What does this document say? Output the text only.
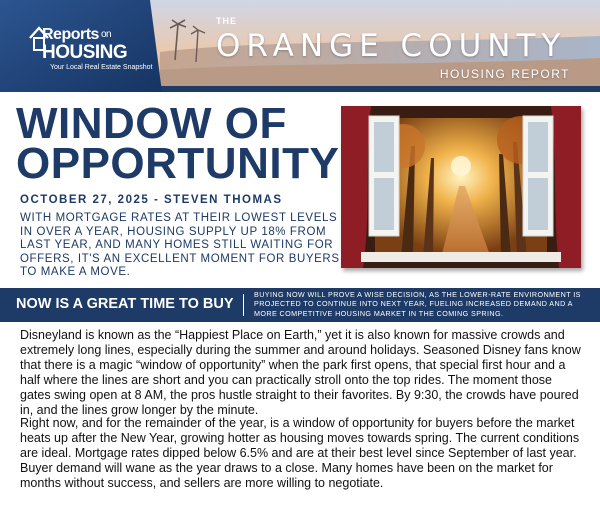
Reports on
HOUSING
Your Local Real Estate Snapshot
THE
ORANGE COUNTY
HOUSING REPORT
WINDOW OF
OPPORTUNITY
OCTOBER 27, 2025 - STEVEN THOMAS
WITH MORTGAGE RATES AT THEIR LOWEST LEVELS IN OVER A YEAR, HOUSING SUPPLY UP 18% FROM LAST YEAR, AND MANY HOMES STILL WAITING FOR OFFERS, IT'S AN EXCELLENT MOMENT FOR BUYERS TO MAKE A MOVE.
NOW IS A GREAT TIME TO BUY
BUYING NOW WILL PROVE A WISE DECISION, AS THE LOWER-RATE ENVIRONMENT IS PROJECTED TO CONTINUE INTO NEXT YEAR, FUELING INCREASED DEMAND AND A MORE COMPETITIVE HOUSING MARKET IN THE COMING SPRING.

Disneyland is known as the “Happiest Place on Earth,” yet it is also known for massive crowds and extremely long lines, especially during the summer and around holidays. Seasoned Disney fans know that there is a magic “window of opportunity” when the park first opens, that special first hour and a half where the lines are short and you can practically stroll onto the top rides. The moment those gates swing open at 8 AM, the pros hustle straight to their favorites. By 9:30, the crowds have poured in, and the lines grow longer by the minute.

Right now, and for the remainder of the year, is a window of opportunity for buyers before the market heats up after the New Year, growing hotter as housing moves towards spring. The current conditions are ideal. Mortgage rates dipped below 6.5% and are at their best level since September of last year. Buyer demand will wane as the year draws to a close. Many homes have been on the market for months without success, and sellers are more willing to negotiate.
